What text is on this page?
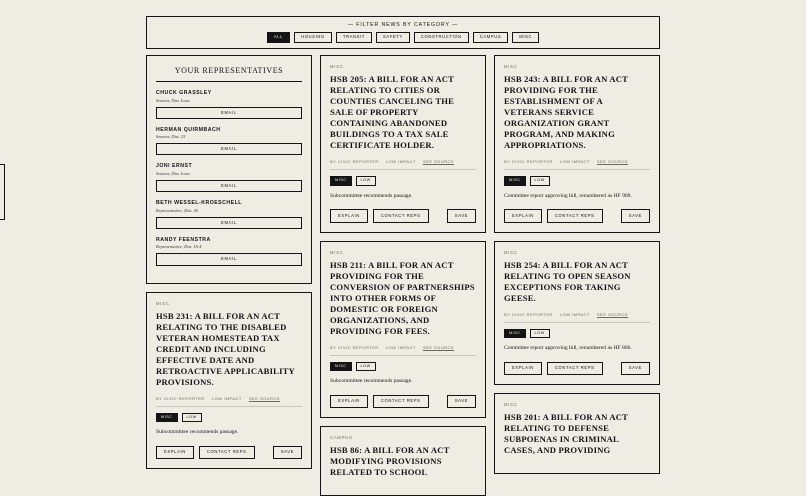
— FILTER NEWS BY CATEGORY —
ALL	HOUSING	TRANSIT	SAFETY	CONSTRUCTION	CAMPUS	MISC
YOUR REPRESENTATIVES
CHUCK GRASSLEY
Senator, Dist. Iowa
EMAIL
HERMAN QUIRMBACH
Senator, Dist. 25
EMAIL
JONI ERNST
Senator, Dist. Iowa
EMAIL
BETH WESSEL-KROESCHELL
Representative, Dist. 45
EMAIL
RANDY FEENSTRA
Representative, Dist. IA-4
EMAIL
MISC
HSB 231: A BILL FOR AN ACT RELATING TO THE DISABLED VETERAN HOMESTEAD TAX CREDIT AND INCLUDING EFFECTIVE DATE AND RETROACTIVE APPLICABILITY PROVISIONS.
BY CIVIC REPORTER LOW IMPACT SEE SOURCE
MISC	LOW
Subcommittee recommends passage.
EXPLAIN	CONTACT REPS	SAVE
MISC
HSB 205: A BILL FOR AN ACT RELATING TO CITIES OR COUNTIES CANCELING THE SALE OF PROPERTY CONTAINING ABANDONED BUILDINGS TO A TAX SALE CERTIFICATE HOLDER.
BY CIVIC REPORTER LOW IMPACT SEE SOURCE
MISC	LOW
Subcommittee recommends passage.
EXPLAIN	CONTACT REPS	SAVE
MISC
HSB 211: A BILL FOR AN ACT PROVIDING FOR THE CONVERSION OF PARTNERSHIPS INTO OTHER FORMS OF DOMESTIC OR FOREIGN ORGANIZATIONS, AND PROVIDING FOR FEES.
BY CIVIC REPORTER LOW IMPACT SEE SOURCE
MISC	LOW
Subcommittee recommends passage.
EXPLAIN	CONTACT REPS	SAVE
CAMPUS
HSB 86: A BILL FOR AN ACT MODIFYING PROVISIONS RELATED TO SCHOOL
MISC
HSB 243: A BILL FOR AN ACT PROVIDING FOR THE ESTABLISHMENT OF A VETERANS SERVICE ORGANIZATION GRANT PROGRAM, AND MAKING APPROPRIATIONS.
BY CIVIC REPORTER LOW IMPACT SEE SOURCE
MISC	LOW
Committee report approving bill, renumbered as HF 909.
EXPLAIN	CONTACT REPS	SAVE
MISC
HSB 254: A BILL FOR AN ACT RELATING TO OPEN SEASON EXCEPTIONS FOR TAKING GEESE.
BY CIVIC REPORTER LOW IMPACT SEE SOURCE
MISC	LOW
Committee report approving bill, renumbered as HF 866.
EXPLAIN	CONTACT REPS	SAVE
MISC
HSB 201: A BILL FOR AN ACT RELATING TO DEFENSE SUBPOENAS IN CRIMINAL CASES, AND PROVIDING
